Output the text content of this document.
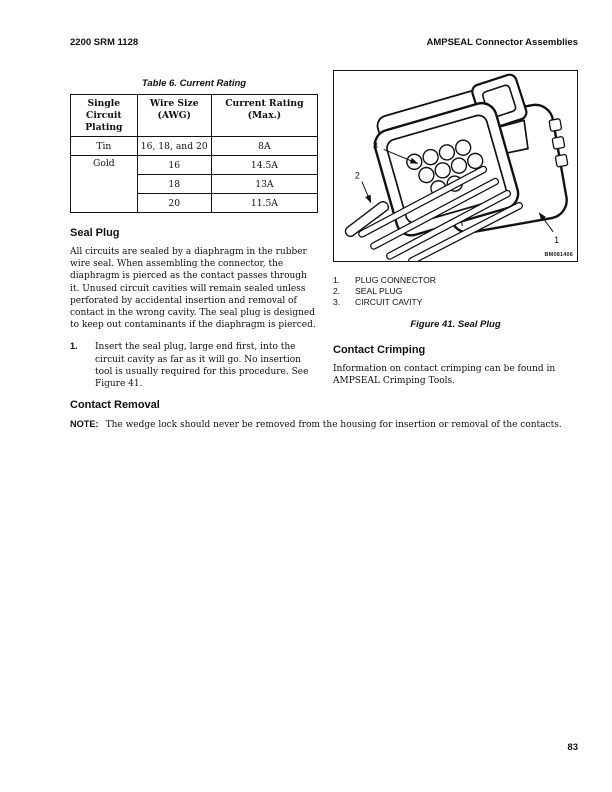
2200 SRM 1128	AMPSEAL Connector Assemblies
Table 6. Current Rating
Single Circuit Plating	Wire Size (AWG)	Current Rating (Max.)
Tin	16, 18, and 20	8A
Gold	16	14.5A
	18	13A
	20	11.5A
Seal Plug

All circuits are sealed by a diaphragm in the rubber wire seal. When assembling the connector, the diaphragm is pierced as the contact passes through it. Unused circuit cavities will remain sealed unless perforated by accidental insertion and removal of contact in the wrong cavity. The seal plug is designed to keep out contaminants if the diaphragm is pierced.

1.	Insert the seal plug, large end first, into the circuit cavity as far as it will go. No insertion tool is usually required for this procedure. See Figure 41.
3
2
1
BM081406
1.	PLUG CONNECTOR
2.	SEAL PLUG
3.	CIRCUIT CAVITY
Figure 41. Seal Plug
Contact Crimping

Information on contact crimping can be found in AMPSEAL Crimping Tools.

Contact Removal

NOTE: The wedge lock should never be removed from the housing for insertion or removal of the contacts.

83
